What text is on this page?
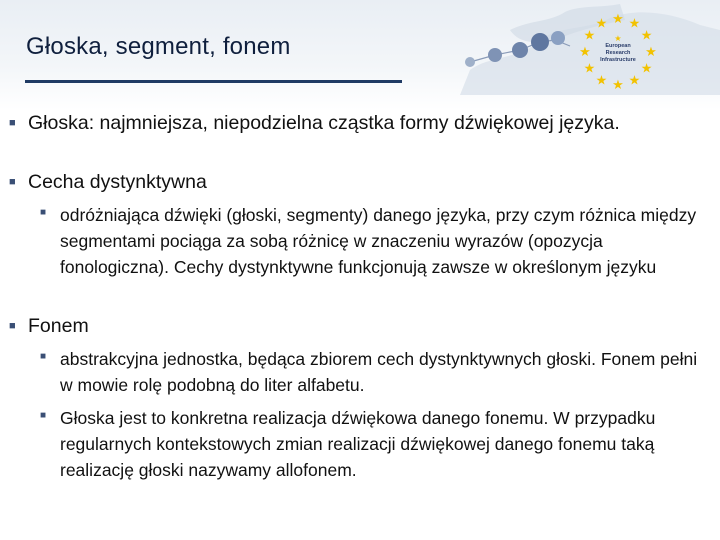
Głoska, segment, fonem
★ ★
★
★
★
★
★
★
★
★
★
★
★
European
Research
Infrastructure
■ Głoska: najmniejsza, niepodzielna cząstka formy dźwiękowej języka.
■ Cecha dystynktywna
■ odróżniająca dźwięki (głoski, segmenty) danego języka, przy czym różnica między segmentami pociąga za sobą różnicę w znaczeniu wyrazów (opozycja fonologiczna). Cechy dystynktywne funkcjonują zawsze w określonym języku
■ Fonem
■ abstrakcyjna jednostka, będąca zbiorem cech dystynktywnych głoski. Fonem pełni w mowie rolę podobną do liter alfabetu.
■ Głoska jest to konkretna realizacja dźwiękowa danego fonemu. W przypadku regularnych kontekstowych zmian realizacji dźwiękowej danego fonemu taką realizację głoski nazywamy allofonem.
